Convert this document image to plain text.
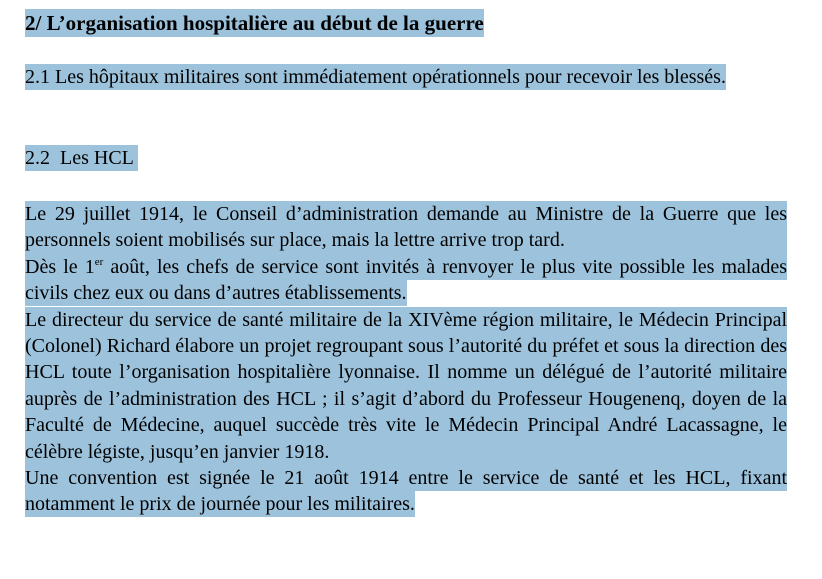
2/ L’organisation hospitalière au début de la guerre
2.1 Les hôpitaux militaires sont immédiatement opérationnels pour recevoir les blessés.
2.2  Les HCL

Le 29 juillet 1914, le Conseil d’administration demande au Ministre de la Guerre que les personnels soient mobilisés sur place, mais la lettre arrive trop tard.

Dès le 1er août, les chefs de service sont invités à renvoyer le plus vite possible les malades civils chez eux ou dans d’autres établissements.

Le directeur du service de santé militaire de la XIVème région militaire, le Médecin Principal (Colonel) Richard élabore un projet regroupant sous l’autorité du préfet et sous la direction des HCL toute l’organisation hospitalière lyonnaise. Il nomme un délégué de l’autorité militaire auprès de l’administration des HCL ; il s’agit d’abord du Professeur Hougenenq, doyen de la Faculté de Médecine, auquel succède très vite le Médecin Principal André Lacassagne, le célèbre légiste, jusqu’en janvier 1918.

Une convention est signée le 21 août 1914 entre le service de santé et les HCL, fixant notamment le prix de journée pour les militaires.
